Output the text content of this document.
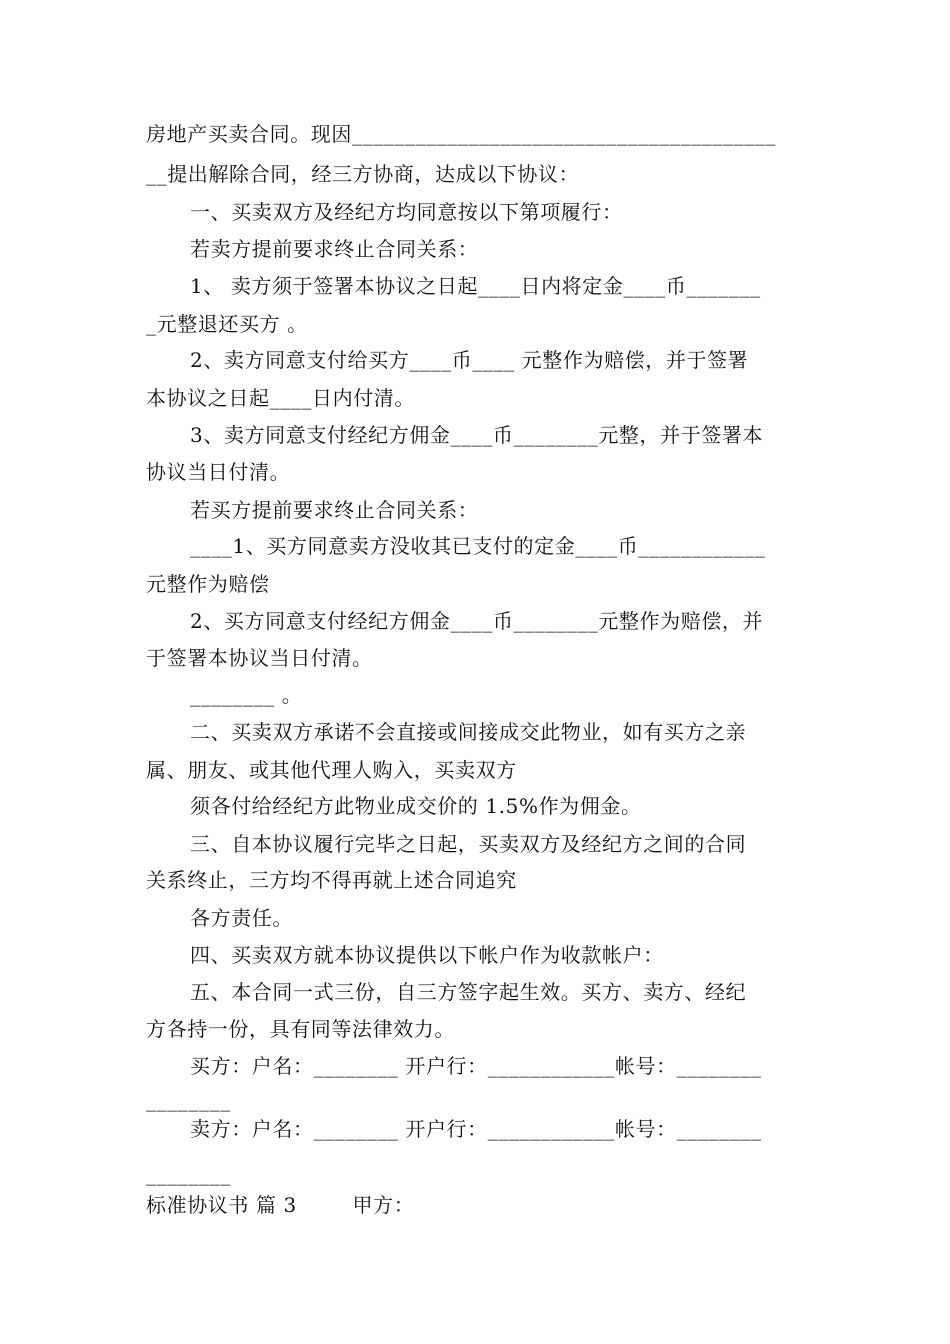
房地产买卖合同。现因________________________________________
__提出解除合同，经三方协商，达成以下协议：
一、买卖双方及经纪方均同意按以下第项履行：
若卖方提前要求终止合同关系：
1、 卖方须于签署本协议之日起____日内将定金____币_______
_元整退还买方 。
2、卖方同意支付给买方____币____ 元整作为赔偿，并于签署
本协议之日起____日内付清。
3、卖方同意支付经纪方佣金____币________元整，并于签署本
协议当日付清。
若买方提前要求终止合同关系：
____1、买方同意卖方没收其已支付的定金____币____________
元整作为赔偿
2、买方同意支付经纪方佣金____币________元整作为赔偿，并
于签署本协议当日付清。
________ 。
二、买卖双方承诺不会直接或间接成交此物业，如有买方之亲
属、朋友、或其他代理人购入，买卖双方
须各付给经纪方此物业成交价的 1.5%作为佣金。
三、自本协议履行完毕之日起，买卖双方及经纪方之间的合同
关系终止，三方均不得再就上述合同追究
各方责任。
四、买卖双方就本协议提供以下帐户作为收款帐户：
五、本合同一式三份，自三方签字起生效。买方、卖方、经纪
方各持一份，具有同等法律效力。
买方：户名：________ 开户行：____________帐号：________
________
卖方：户名：________ 开户行：____________帐号：________
________
标准协议书 篇 3        甲方：
